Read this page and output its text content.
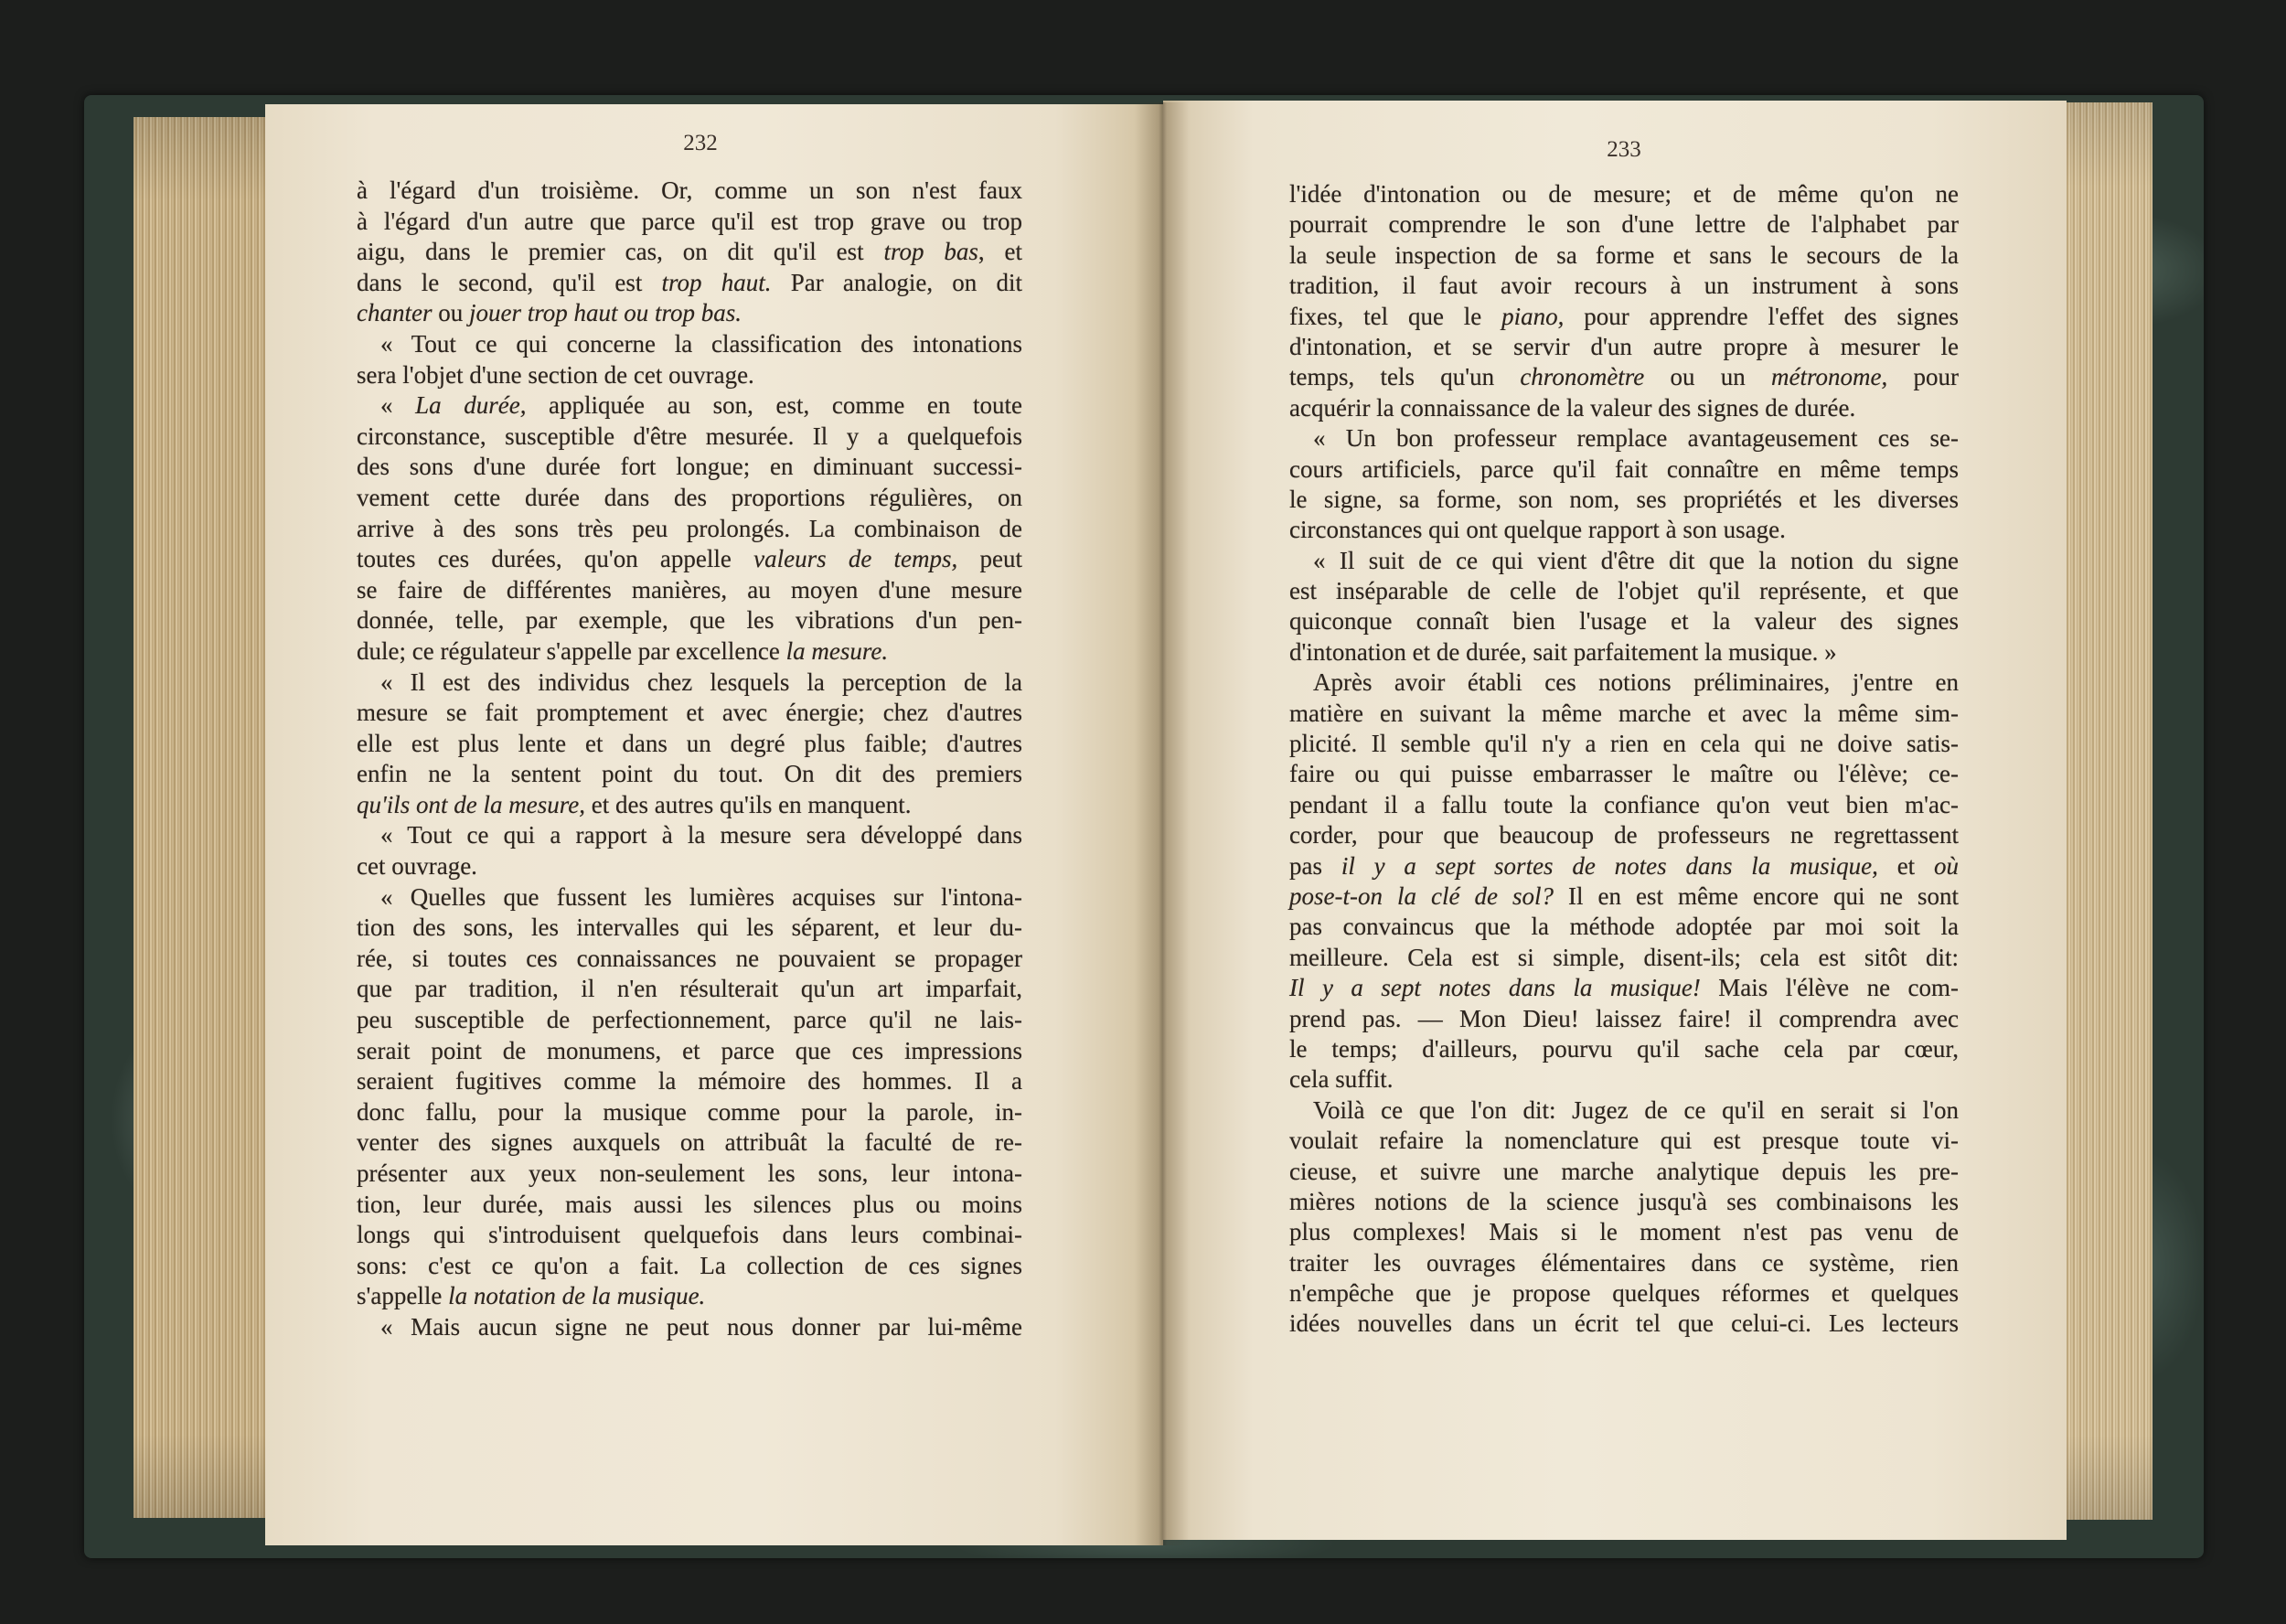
232	233
à l'égard d'un troisième. Or, comme un son n'est faux
à l'égard d'un autre que parce qu'il est trop grave ou trop
aigu, dans le premier cas, on dit qu'il est trop bas, et
dans le second, qu'il est trop haut. Par analogie, on dit
chanter ou jouer trop haut ou trop bas.
« Tout ce qui concerne la classification des intonations
sera l'objet d'une section de cet ouvrage.
« La durée, appliquée au son, est, comme en toute
circonstance, susceptible d'être mesurée. Il y a quelquefois
des sons d'une durée fort longue; en diminuant successi-
vement cette durée dans des proportions régulières, on
arrive à des sons très peu prolongés. La combinaison de
toutes ces durées, qu'on appelle valeurs de temps, peut
se faire de différentes manières, au moyen d'une mesure
donnée, telle, par exemple, que les vibrations d'un pen-
dule; ce régulateur s'appelle par excellence la mesure.
« Il est des individus chez lesquels la perception de la
mesure se fait promptement et avec énergie; chez d'autres
elle est plus lente et dans un degré plus faible; d'autres
enfin ne la sentent point du tout. On dit des premiers
qu'ils ont de la mesure, et des autres qu'ils en manquent.
« Tout ce qui a rapport à la mesure sera développé dans
cet ouvrage.
« Quelles que fussent les lumières acquises sur l'intona-
tion des sons, les intervalles qui les séparent, et leur du-
rée, si toutes ces connaissances ne pouvaient se propager
que par tradition, il n'en résulterait qu'un art imparfait,
peu susceptible de perfectionnement, parce qu'il ne lais-
serait point de monumens, et parce que ces impressions
seraient fugitives comme la mémoire des hommes. Il a
donc fallu, pour la musique comme pour la parole, in-
venter des signes auxquels on attribuât la faculté de re-
présenter aux yeux non-seulement les sons, leur intona-
tion, leur durée, mais aussi les silences plus ou moins
longs qui s'introduisent quelquefois dans leurs combinai-
sons: c'est ce qu'on a fait. La collection de ces signes
s'appelle la notation de la musique.
« Mais aucun signe ne peut nous donner par lui-même
l'idée d'intonation ou de mesure; et de même qu'on ne
pourrait comprendre le son d'une lettre de l'alphabet par
la seule inspection de sa forme et sans le secours de la
tradition, il faut avoir recours à un instrument à sons
fixes, tel que le piano, pour apprendre l'effet des signes
d'intonation, et se servir d'un autre propre à mesurer le
temps, tels qu'un chronomètre ou un métronome, pour
acquérir la connaissance de la valeur des signes de durée.
« Un bon professeur remplace avantageusement ces se-
cours artificiels, parce qu'il fait connaître en même temps
le signe, sa forme, son nom, ses propriétés et les diverses
circonstances qui ont quelque rapport à son usage.
« Il suit de ce qui vient d'être dit que la notion du signe
est inséparable de celle de l'objet qu'il représente, et que
quiconque connaît bien l'usage et la valeur des signes
d'intonation et de durée, sait parfaitement la musique. »
Après avoir établi ces notions préliminaires, j'entre en
matière en suivant la même marche et avec la même sim-
plicité. Il semble qu'il n'y a rien en cela qui ne doive satis-
faire ou qui puisse embarrasser le maître ou l'élève; ce-
pendant il a fallu toute la confiance qu'on veut bien m'ac-
corder, pour que beaucoup de professeurs ne regrettassent
pas il y a sept sortes de notes dans la musique, et où
pose-t-on la clé de sol? Il en est même encore qui ne sont
pas convaincus que la méthode adoptée par moi soit la
meilleure. Cela est si simple, disent-ils; cela est sitôt dit:
Il y a sept notes dans la musique! Mais l'élève ne com-
prend pas. — Mon Dieu! laissez faire! il comprendra avec
le temps; d'ailleurs, pourvu qu'il sache cela par cœur,
cela suffit.
Voilà ce que l'on dit: Jugez de ce qu'il en serait si l'on
voulait refaire la nomenclature qui est presque toute vi-
cieuse, et suivre une marche analytique depuis les pre-
mières notions de la science jusqu'à ses combinaisons les
plus complexes! Mais si le moment n'est pas venu de
traiter les ouvrages élémentaires dans ce système, rien
n'empêche que je propose quelques réformes et quelques
idées nouvelles dans un écrit tel que celui-ci. Les lecteurs
